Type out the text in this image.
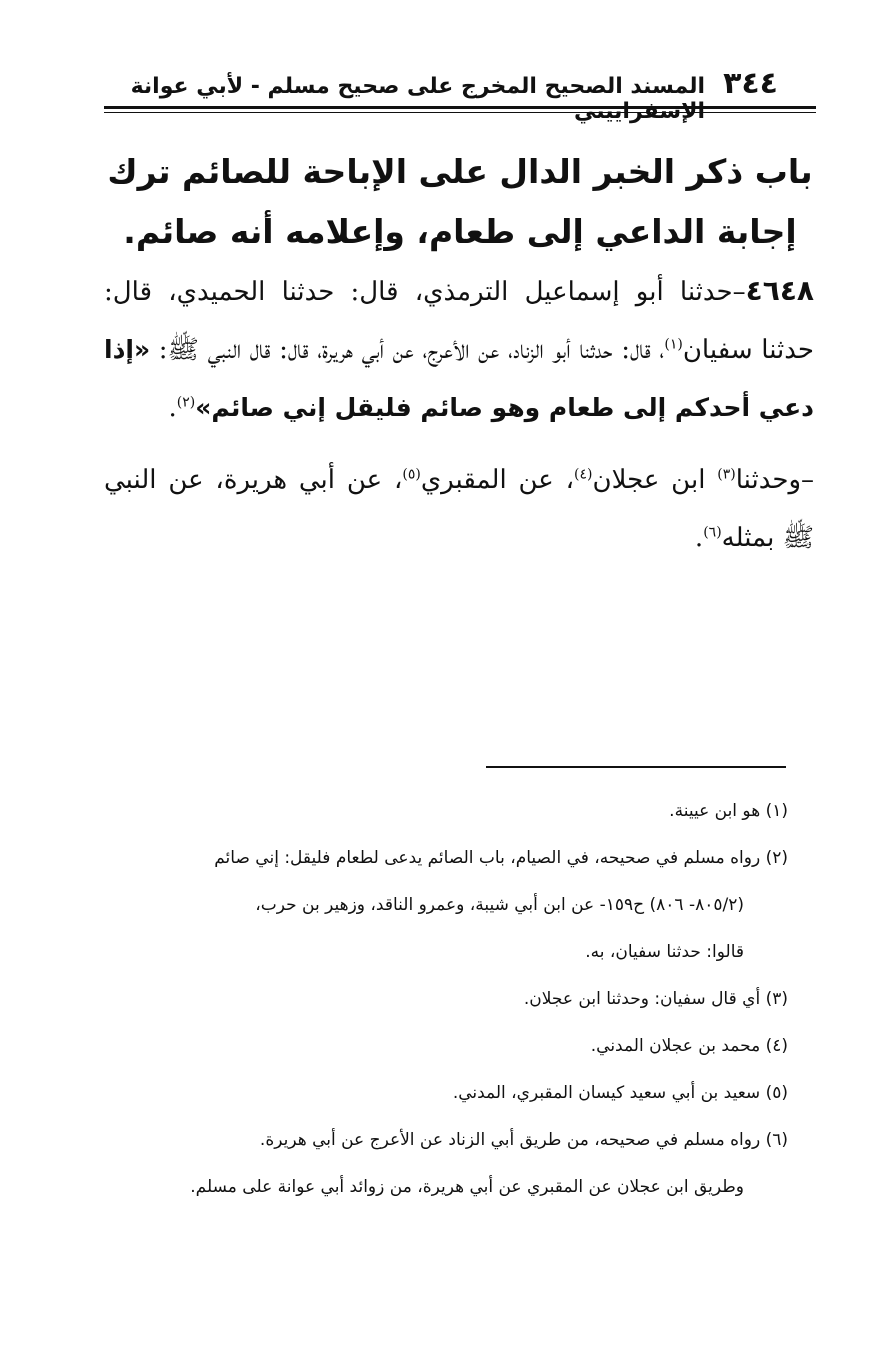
٣٤٤
المسند الصحيح المخرج على صحيح مسلم - لأبي عوانة
باب ذكر الخبر الدال على الإباحة للصائم ترك إجابة الداعي إلى طعام، وإعلامه أنه صائم.

٤٦٤٨–حدثنا أبو إسماعيل الترمذي، قال: حدثنا الحميدي، قال: حدثنا سفيان$^{(١)}$، قال: حدثنا أبو الزناد، عن الأعرج، عن أبي هريرة، قال: قال النبي ﷺ: «إذا دعي أحدكم إلى طعام وهو صائم فليقل إني صائم»$^{(٢)}$.

–وحدثنا$^{(٣)}$ ابن عجلان$^{(٤)}$، عن المقبري$^{(٥)}$، عن أبي هريرة، عن النبي ﷺ بمثله$^{(٦)}$.

(١) هو ابن عيينة.
(٢) رواه مسلم في صحيحه، في الصيام، باب الصائم يدعى لطعام فليقل: إني صائم
(٨٠٥/٢- ٨٠٦) ح١٥٩- عن ابن أبي شيبة، وعمرو الناقد، وزهير بن حرب،
قالوا: حدثنا سفيان، به.
(٣) أي قال سفيان: وحدثنا ابن عجلان.
(٤) محمد بن عجلان المدني.
(٥) سعيد بن أبي سعيد كيسان المقبري، المدني.
(٦) رواه مسلم في صحيحه، من طريق أبي الزناد عن الأعرج عن أبي هريرة.
وطريق ابن عجلان عن المقبري عن أبي هريرة، من زوائد أبي عوانة على مسلم.
